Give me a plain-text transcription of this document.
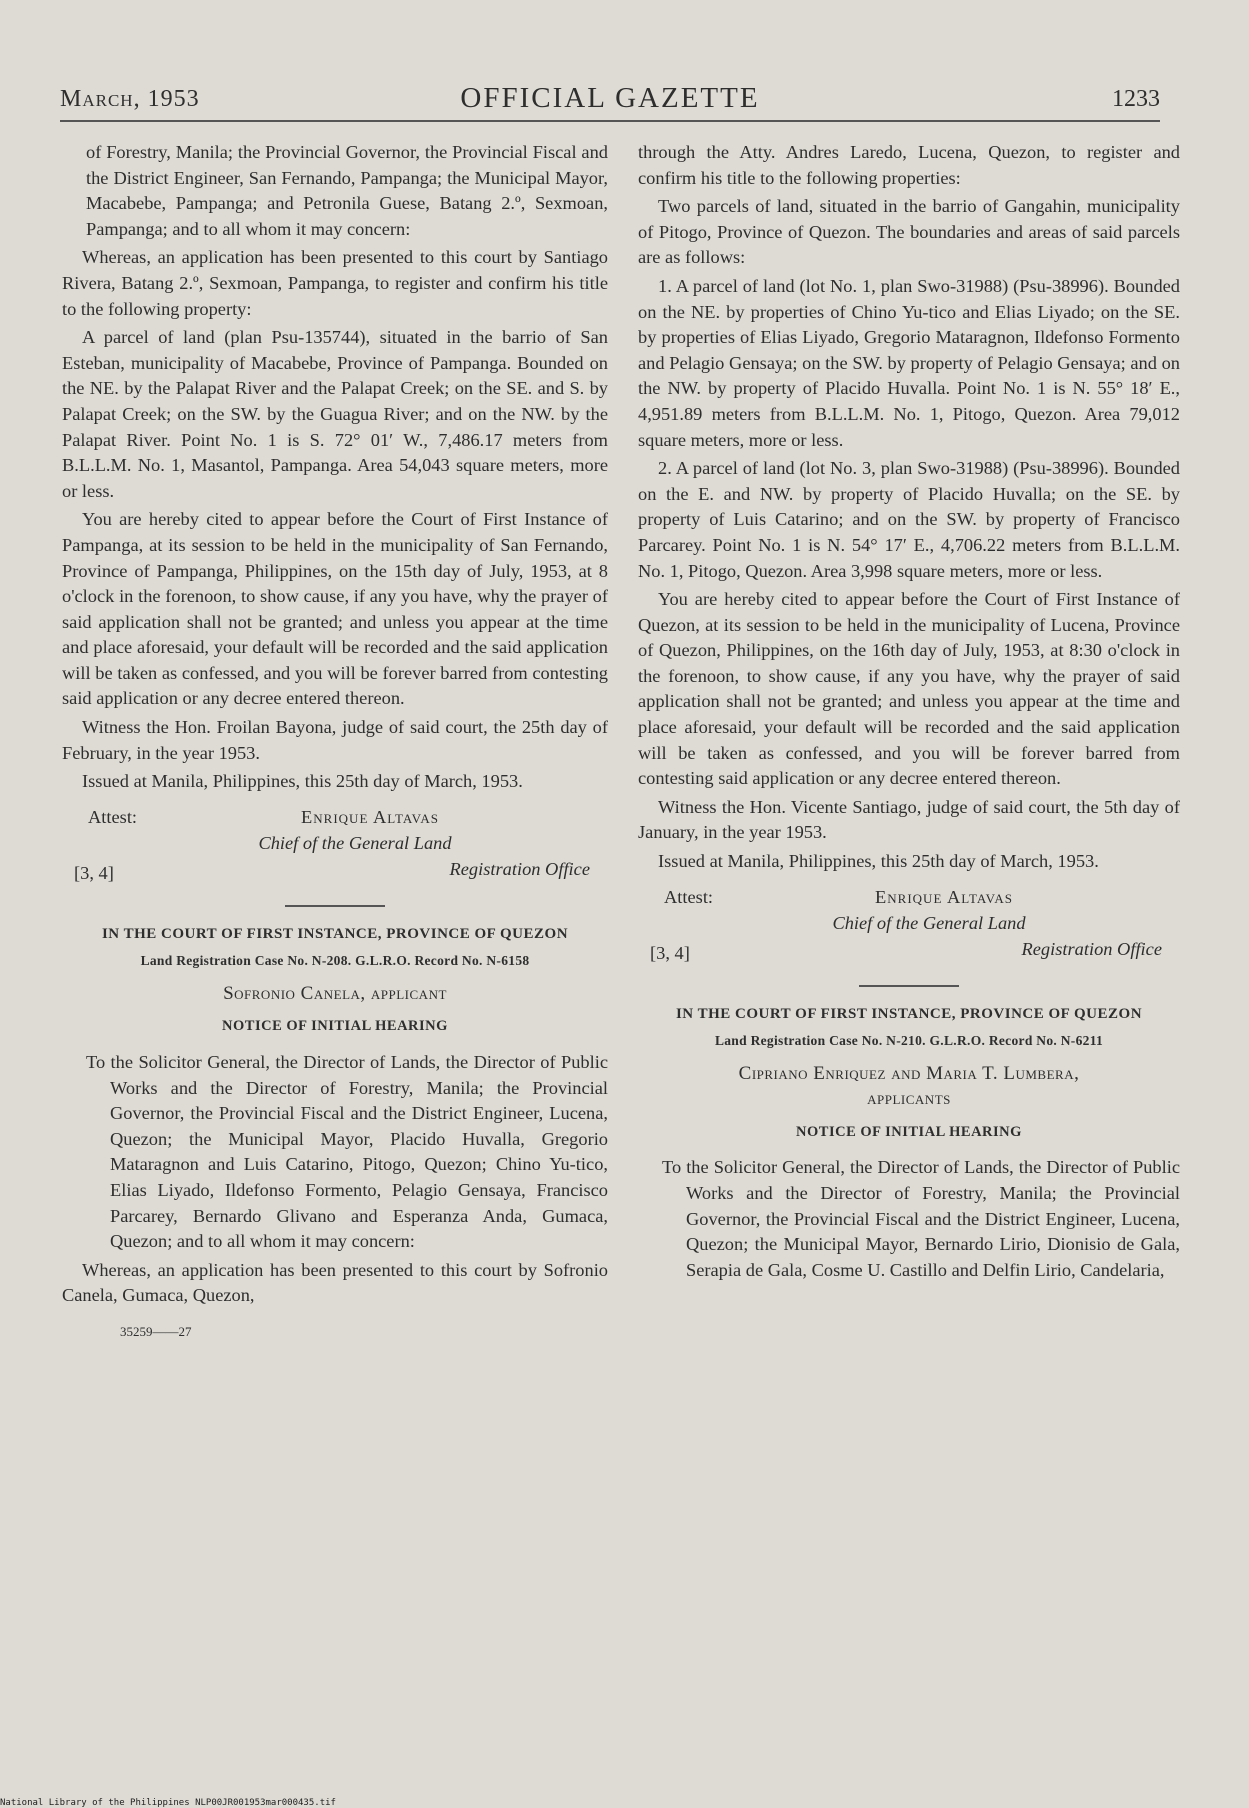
March, 1953	OFFICIAL GAZETTE	1233

of Forestry, Manila; the Provincial Governor, the Provincial Fiscal and the District Engineer, San Fernando, Pampanga; the Municipal Mayor, Macabebe, Pampanga; and Petronila Guese, Batang 2.º, Sexmoan, Pampanga; and to all whom it may concern:

Whereas, an application has been presented to this court by Santiago Rivera, Batang 2.º, Sexmoan, Pampanga, to register and confirm his title to the following property:

A parcel of land (plan Psu-135744), situated in the barrio of San Esteban, municipality of Macabebe, Province of Pampanga. Bounded on the NE. by the Palapat River and the Palapat Creek; on the SE. and S. by Palapat Creek; on the SW. by the Guagua River; and on the NW. by the Palapat River. Point No. 1 is S. 72° 01′ W., 7,486.17 meters from B.L.L.M. No. 1, Masantol, Pampanga. Area 54,043 square meters, more or less.

You are hereby cited to appear before the Court of First Instance of Pampanga, at its session to be held in the municipality of San Fernando, Province of Pampanga, Philippines, on the 15th day of July, 1953, at 8 o'clock in the forenoon, to show cause, if any you have, why the prayer of said application shall not be granted; and unless you appear at the time and place aforesaid, your default will be recorded and the said application will be taken as confessed, and you will be forever barred from contesting said application or any decree entered thereon.

Witness the Hon. Froilan Bayona, judge of said court, the 25th day of February, in the year 1953.

Issued at Manila, Philippines, this 25th day of March, 1953.

Attest:	Enrique Altavas
Chief of the General Land
[3, 4]	Registration Office
IN THE COURT OF FIRST INSTANCE, PROVINCE OF QUEZON
Land Registration Case No. N-208. G.L.R.O. Record No. N-6158
Sofronio Canela, applicant
NOTICE OF INITIAL HEARING

To the Solicitor General, the Director of Lands, the Director of Public Works and the Director of Forestry, Manila; the Provincial Governor, the Provincial Fiscal and the District Engineer, Lucena, Quezon; the Municipal Mayor, Placido Huvalla, Gregorio Mataragnon and Luis Catarino, Pitogo, Quezon; Chino Yu-tico, Elias Liyado, Ildefonso Formento, Pelagio Gensaya, Francisco Parcarey, Bernardo Glivano and Esperanza Anda, Gumaca, Quezon; and to all whom it may concern:

Whereas, an application has been presented to this court by Sofronio Canela, Gumaca, Quezon,

35259——27

through the Atty. Andres Laredo, Lucena, Quezon, to register and confirm his title to the following properties:

Two parcels of land, situated in the barrio of Gangahin, municipality of Pitogo, Province of Quezon. The boundaries and areas of said parcels are as follows:

1. A parcel of land (lot No. 1, plan Swo-31988) (Psu-38996). Bounded on the NE. by properties of Chino Yu-tico and Elias Liyado; on the SE. by properties of Elias Liyado, Gregorio Mataragnon, Ildefonso Formento and Pelagio Gensaya; on the SW. by property of Pelagio Gensaya; and on the NW. by property of Placido Huvalla. Point No. 1 is N. 55° 18′ E., 4,951.89 meters from B.L.L.M. No. 1, Pitogo, Quezon. Area 79,012 square meters, more or less.

2. A parcel of land (lot No. 3, plan Swo-31988) (Psu-38996). Bounded on the E. and NW. by property of Placido Huvalla; on the SE. by property of Luis Catarino; and on the SW. by property of Francisco Parcarey. Point No. 1 is N. 54° 17′ E., 4,706.22 meters from B.L.L.M. No. 1, Pitogo, Quezon. Area 3,998 square meters, more or less.

You are hereby cited to appear before the Court of First Instance of Quezon, at its session to be held in the municipality of Lucena, Province of Quezon, Philippines, on the 16th day of July, 1953, at 8:30 o'clock in the forenoon, to show cause, if any you have, why the prayer of said application shall not be granted; and unless you appear at the time and place aforesaid, your default will be recorded and the said application will be taken as confessed, and you will be forever barred from contesting said application or any decree entered thereon.

Witness the Hon. Vicente Santiago, judge of said court, the 5th day of January, in the year 1953.

Issued at Manila, Philippines, this 25th day of March, 1953.

Attest:	Enrique Altavas
Chief of the General Land
[3, 4]	Registration Office
IN THE COURT OF FIRST INSTANCE, PROVINCE OF QUEZON
Land Registration Case No. N-210. G.L.R.O. Record No. N-6211
Cipriano Enriquez and Maria T. Lumbera,
applicants
NOTICE OF INITIAL HEARING

To the Solicitor General, the Director of Lands, the Director of Public Works and the Director of Forestry, Manila; the Provincial Governor, the Provincial Fiscal and the District Engineer, Lucena, Quezon; the Municipal Mayor, Bernardo Lirio, Dionisio de Gala, Serapia de Gala, Cosme U. Castillo and Delfin Lirio, Candelaria,

National Library of the Philippines NLP00JR001953mar000435.tif
